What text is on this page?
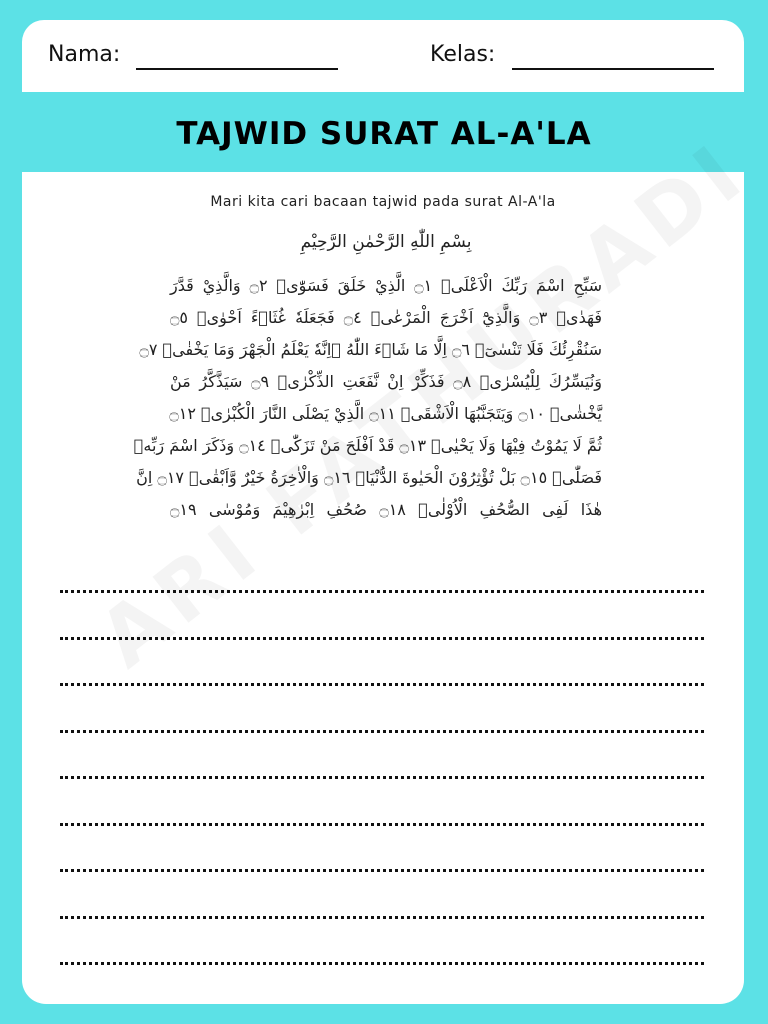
Nama:	Kelas:
TAJWID SURAT AL-A'LA
Mari kita cari bacaan tajwid pada surat Al-A'la
بِسْمِ اللّٰهِ الرَّحْمٰنِ الرَّحِيْمِ
سَبِّحِ اسْمَ رَبِّكَ الْاَعْلَىۙ ۝١ الَّذِيْ خَلَقَ فَسَوّٰىۖ ۝٢ وَالَّذِيْ قَدَّرَ
فَهَدٰىۖ ۝٣ وَالَّذِيْٓ اَخْرَجَ الْمَرْعٰىۖ ۝٤ فَجَعَلَهٗ غُثَاۤءً اَحْوٰىۖ ۝٥
سَنُقْرِئُكَ فَلَا تَنْسٰىٓۖ ۝٦ اِلَّا مَا شَاۤءَ اللّٰهُ ۗاِنَّهٗ يَعْلَمُ الْجَهْرَ وَمَا يَخْفٰىۗ ۝٧
وَنُيَسِّرُكَ لِلْيُسْرٰىۖ ۝٨ فَذَكِّرْ اِنْ نَّفَعَتِ الذِّكْرٰىۗ ۝٩ سَيَذَّكَّرُ مَنْ
يَّخْشٰىۙ ۝١٠ وَيَتَجَنَّبُهَا الْاَشْقَىۙ ۝١١ الَّذِيْ يَصْلَى النَّارَ الْكُبْرٰىۚ ۝١٢
ثُمَّ لَا يَمُوْتُ فِيْهَا وَلَا يَحْيٰىۗ ۝١٣ قَدْ اَفْلَحَ مَنْ تَزَكّٰىۙ ۝١٤ وَذَكَرَ اسْمَ رَبِّهٖ
فَصَلّٰىۗ ۝١٥ بَلْ تُؤْثِرُوْنَ الْحَيٰوةَ الدُّنْيَاۖ ۝١٦ وَالْاٰخِرَةُ خَيْرٌ وَّاَبْقٰىۗ ۝١٧ اِنَّ
هٰذَا لَفِى الصُّحُفِ الْاُوْلٰىۙ ۝١٨ صُحُفِ اِبْرٰهِيْمَ وَمُوْسٰى ۝١٩
